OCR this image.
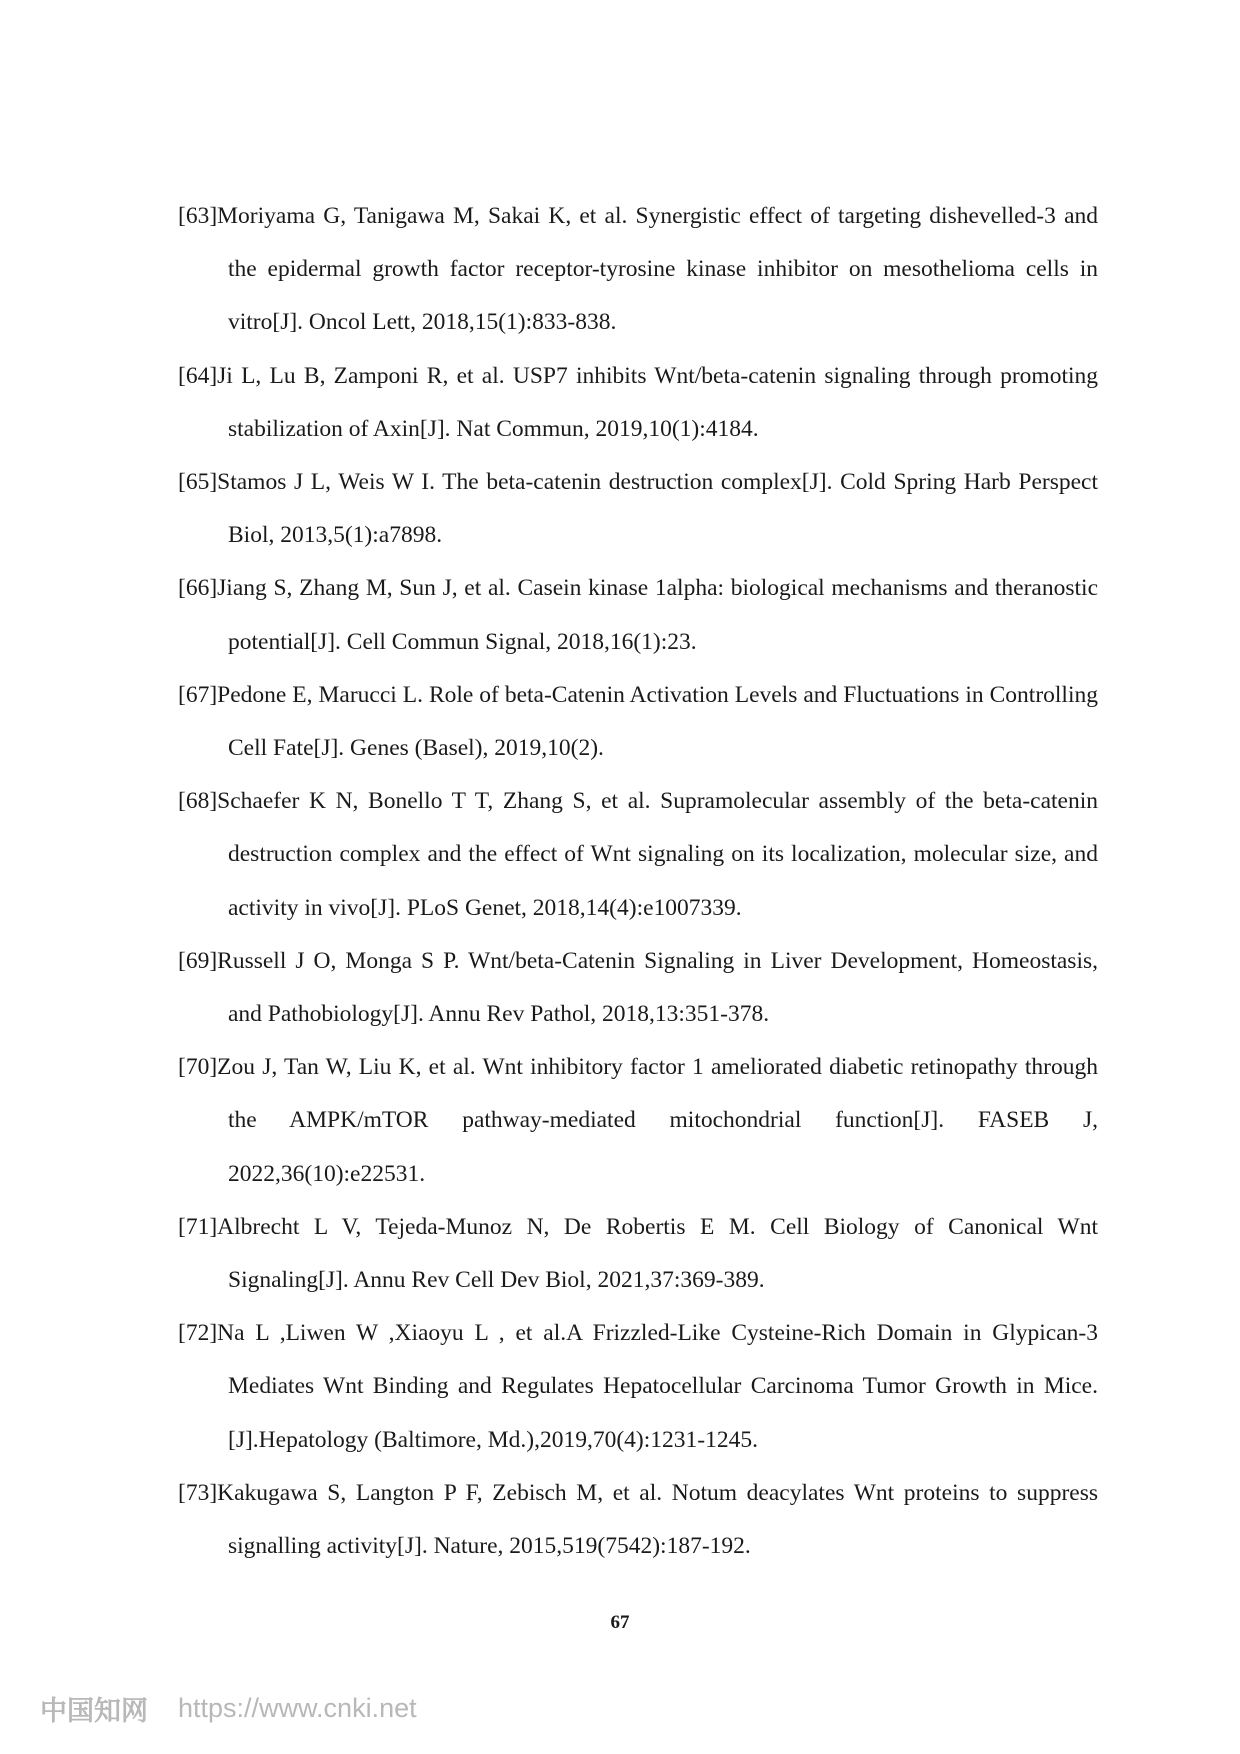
[63]Moriyama G, Tanigawa M, Sakai K, et al. Synergistic effect of targeting dishevelled-3 and the epidermal growth factor receptor-tyrosine kinase inhibitor on mesothelioma cells in vitro[J]. Oncol Lett, 2018,15(1):833-838.
[64]Ji L, Lu B, Zamponi R, et al. USP7 inhibits Wnt/beta-catenin signaling through promoting stabilization of Axin[J]. Nat Commun, 2019,10(1):4184.
[65]Stamos J L, Weis W I. The beta-catenin destruction complex[J]. Cold Spring Harb Perspect Biol, 2013,5(1):a7898.
[66]Jiang S, Zhang M, Sun J, et al. Casein kinase 1alpha: biological mechanisms and theranostic potential[J]. Cell Commun Signal, 2018,16(1):23.
[67]Pedone E, Marucci L. Role of beta-Catenin Activation Levels and Fluctuations in Controlling Cell Fate[J]. Genes (Basel), 2019,10(2).
[68]Schaefer K N, Bonello T T, Zhang S, et al. Supramolecular assembly of the beta-catenin destruction complex and the effect of Wnt signaling on its localization, molecular size, and activity in vivo[J]. PLoS Genet, 2018,14(4):e1007339.
[69]Russell J O, Monga S P. Wnt/beta-Catenin Signaling in Liver Development, Homeostasis, and Pathobiology[J]. Annu Rev Pathol, 2018,13:351-378.
[70]Zou J, Tan W, Liu K, et al. Wnt inhibitory factor 1 ameliorated diabetic retinopathy through the AMPK/mTOR pathway-mediated mitochondrial function[J]. FASEB J, 2022,36(10):e22531.
[71]Albrecht L V, Tejeda-Munoz N, De Robertis E M. Cell Biology of Canonical Wnt Signaling[J]. Annu Rev Cell Dev Biol, 2021,37:369-389.
[72]Na L ,Liwen W ,Xiaoyu L , et al.A Frizzled-Like Cysteine-Rich Domain in Glypican-3 Mediates Wnt Binding and Regulates Hepatocellular Carcinoma Tumor Growth in Mice.[J].Hepatology (Baltimore, Md.),2019,70(4):1231-1245.
[73]Kakugawa S, Langton P F, Zebisch M, et al. Notum deacylates Wnt proteins to suppress signalling activity[J]. Nature, 2015,519(7542):187-192.
67
中国知网 https://www.cnki.net
